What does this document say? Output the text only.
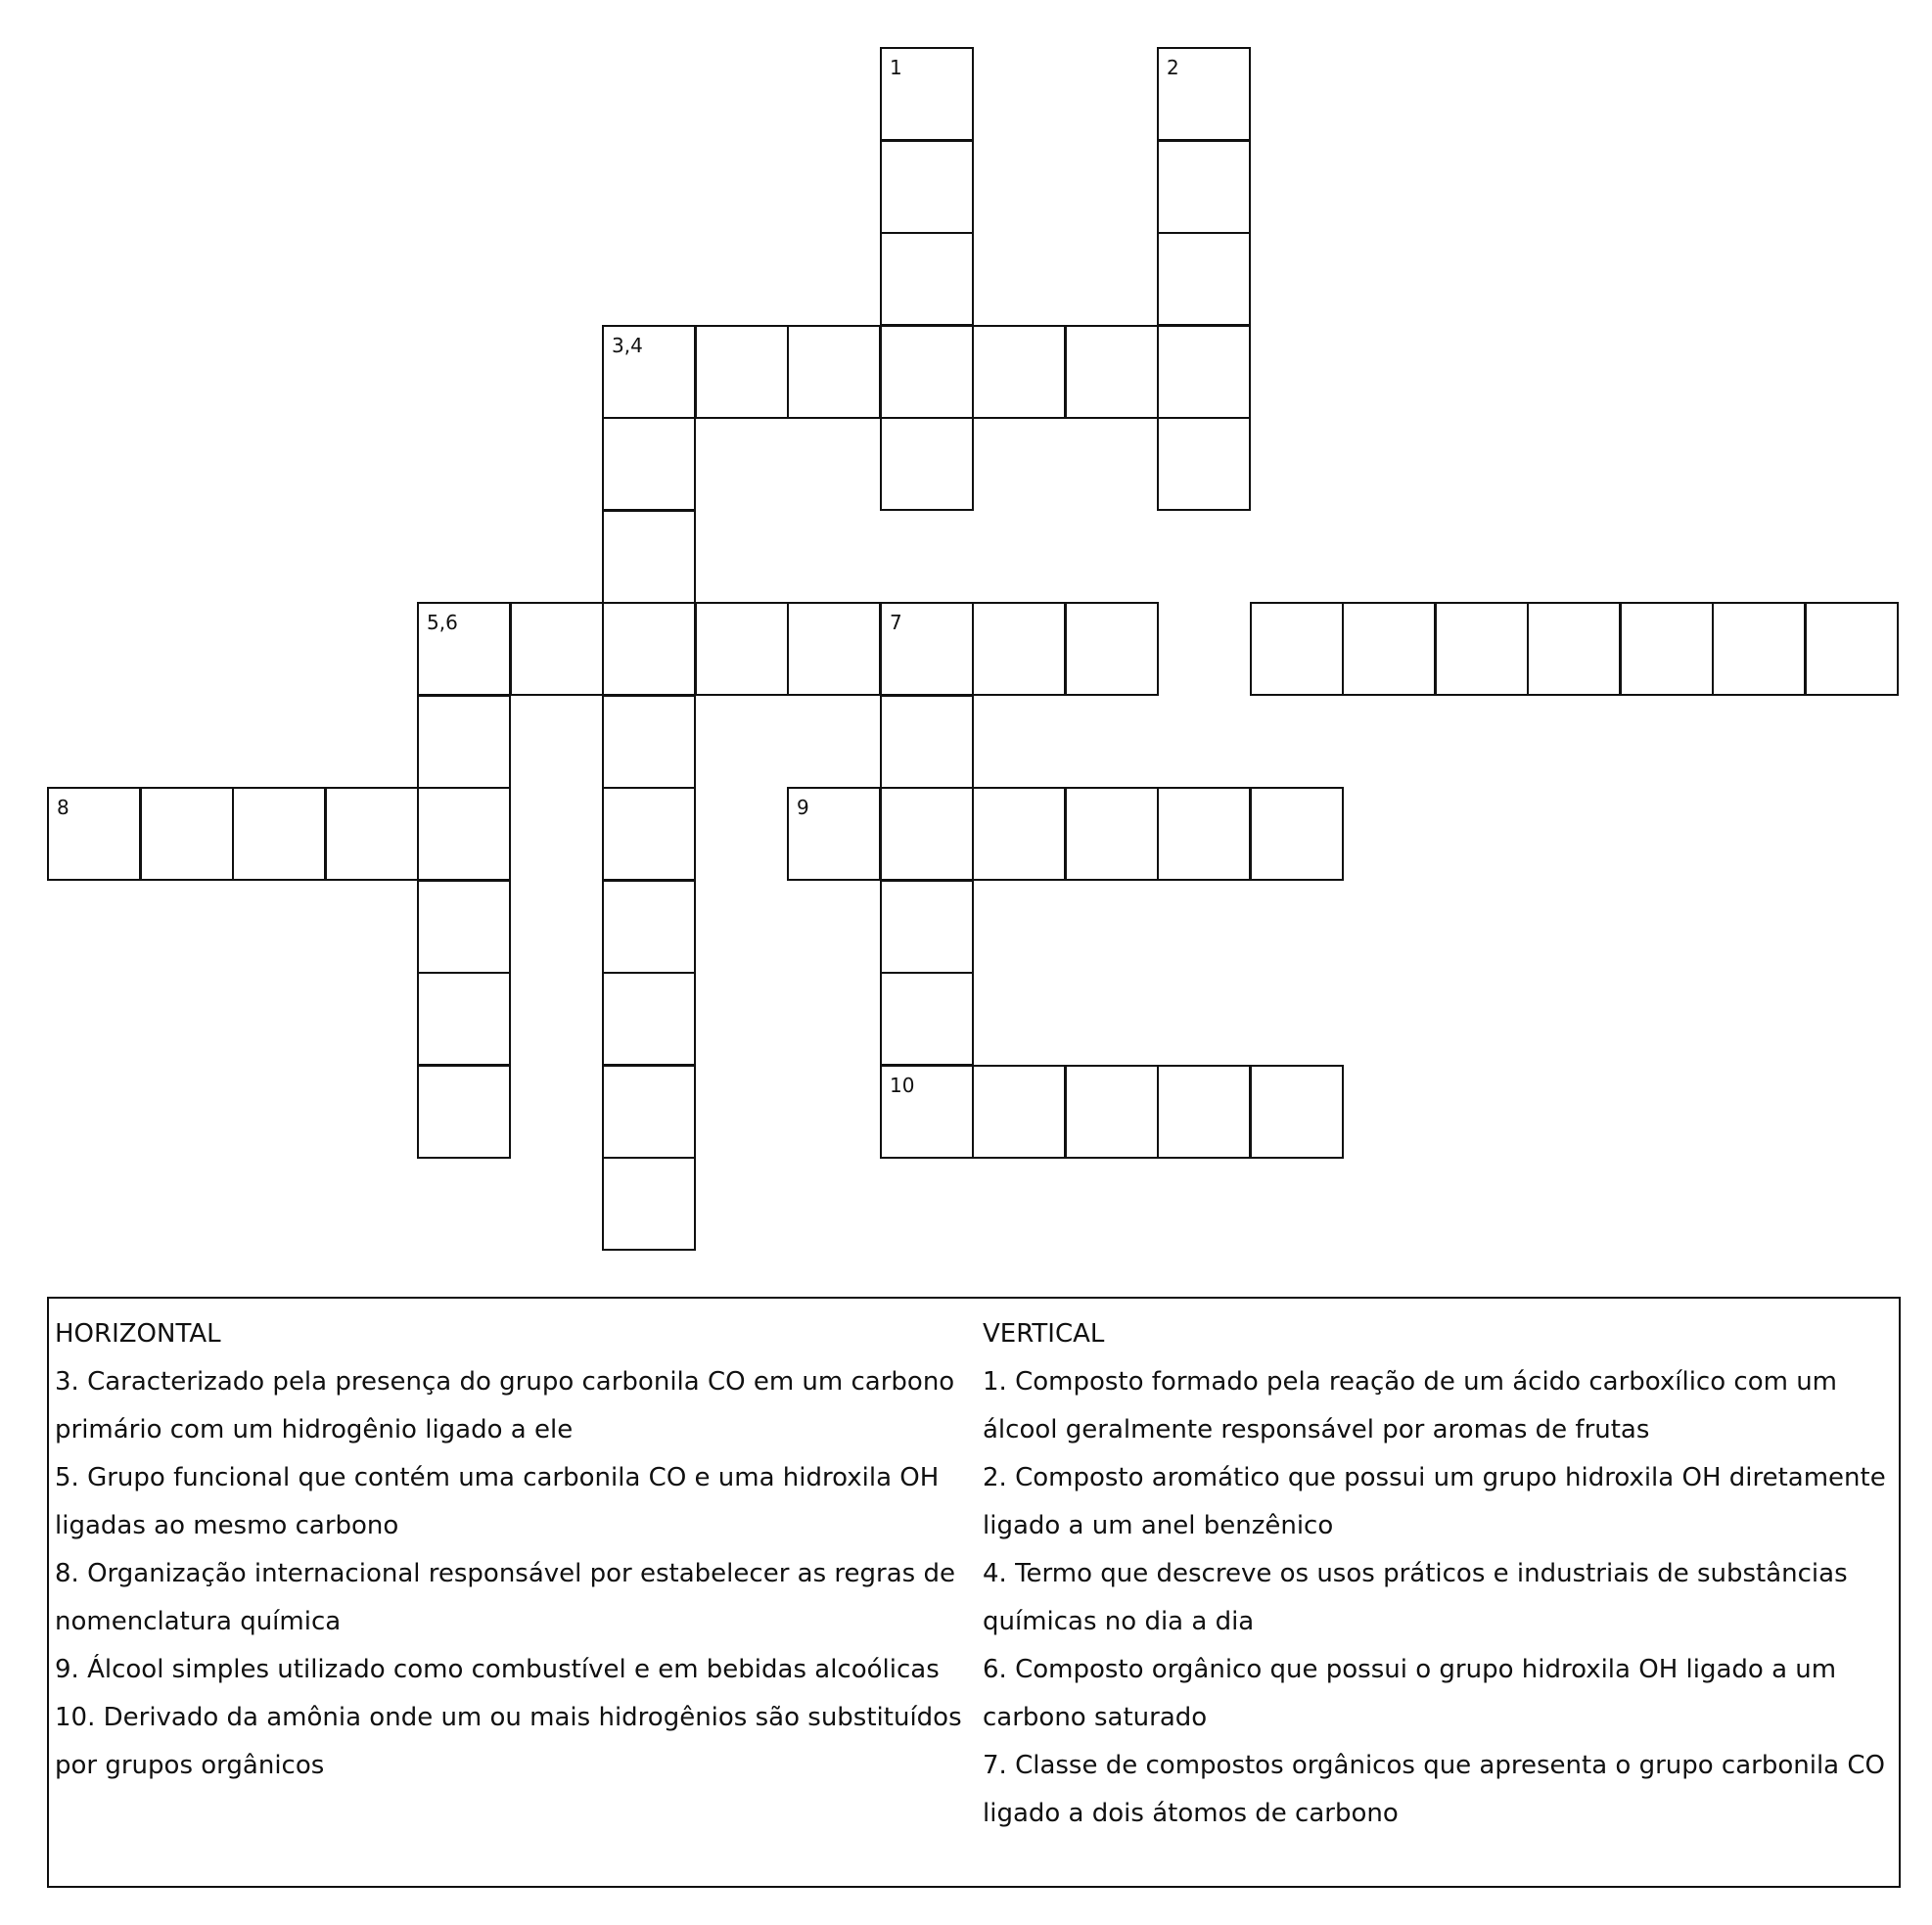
1	2
3,4
5,6	7
8
10
9

HORIZONTAL

3. Caracterizado pela presença do grupo carbonila CO em um carbono primário com um hidrogênio ligado a ele

5. Grupo funcional que contém uma carbonila CO e uma hidroxila OH ligadas ao mesmo carbono

8. Organização internacional responsável por estabelecer as regras de nomenclatura química

9. Álcool simples utilizado como combustível e em bebidas alcoólicas

10. Derivado da amônia onde um ou mais hidrogênios são substituídos por grupos orgânicos

VERTICAL

1. Composto formado pela reação de um ácido carboxílico com um álcool geralmente responsável por aromas de frutas

2. Composto aromático que possui um grupo hidroxila OH diretamente ligado a um anel benzênico

4. Termo que descreve os usos práticos e industriais de substâncias químicas no dia a dia

6. Composto orgânico que possui o grupo hidroxila OH ligado a um carbono saturado

7. Classe de compostos orgânicos que apresenta o grupo carbonila CO ligado a dois átomos de carbono
